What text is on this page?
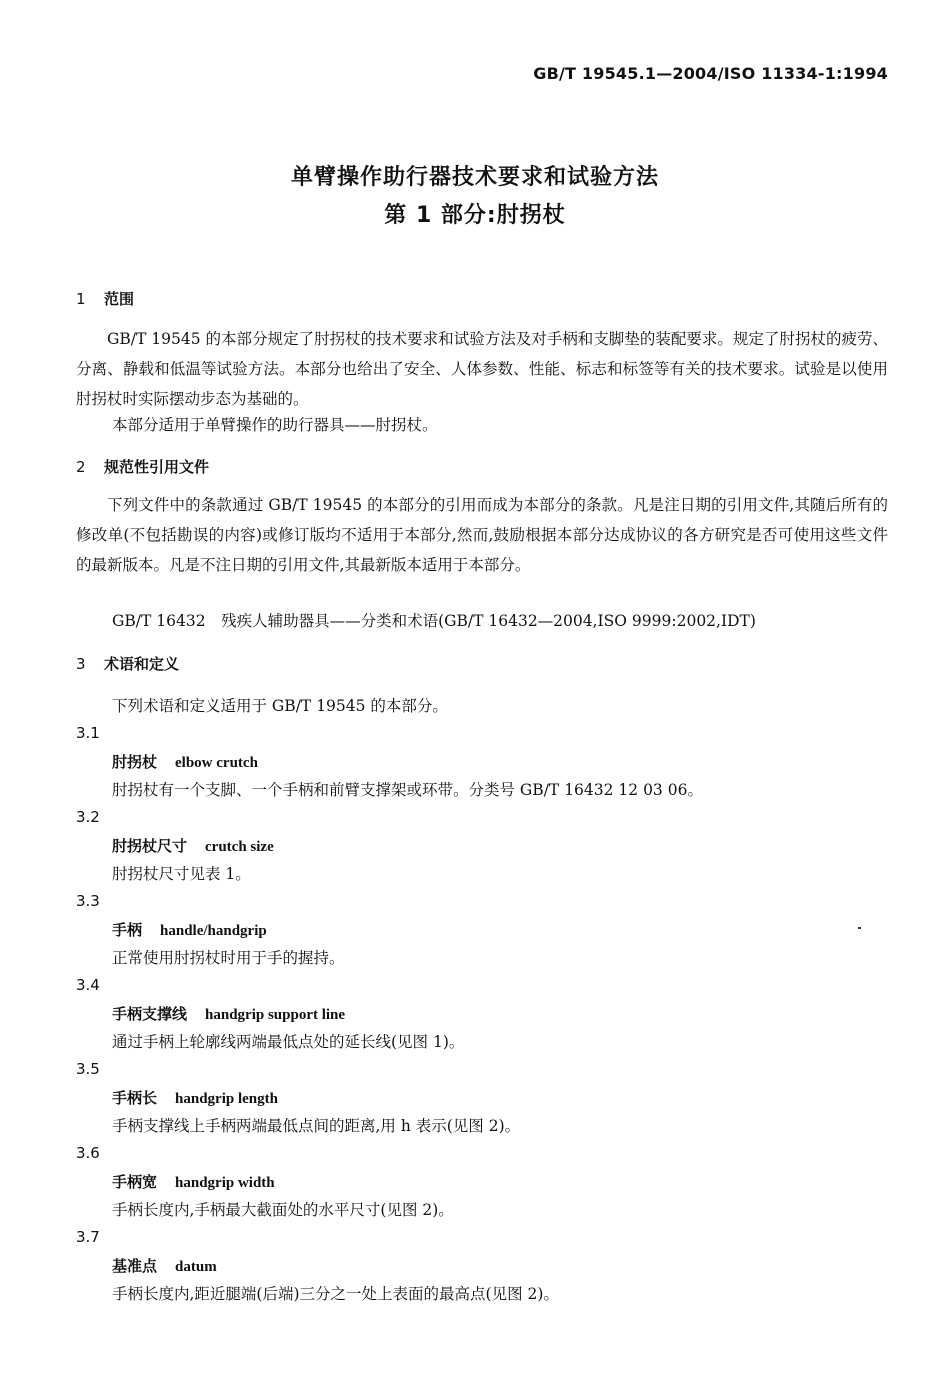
GB/T 19545.1—2004/ISO 11334-1:1994
单臂操作助行器技术要求和试验方法
第 1 部分:肘拐杖
1 范围

GB/T 19545 的本部分规定了肘拐杖的技术要求和试验方法及对手柄和支脚垫的装配要求。规定了肘拐杖的疲劳、分离、静载和低温等试验方法。本部分也给出了安全、人体参数、性能、标志和标签等有关的技术要求。试验是以使用肘拐杖时实际摆动步态为基础的。

本部分适用于单臂操作的助行器具——肘拐杖。
2 规范性引用文件

下列文件中的条款通过 GB/T 19545 的本部分的引用而成为本部分的条款。凡是注日期的引用文件,其随后所有的修改单(不包括勘误的内容)或修订版均不适用于本部分,然而,鼓励根据本部分达成协议的各方研究是否可使用这些文件的最新版本。凡是不注日期的引用文件,其最新版本适用于本部分。

GB/T 16432　残疾人辅助器具——分类和术语(GB/T 16432—2004,ISO 9999:2002,IDT)
3 术语和定义
下列术语和定义适用于 GB/T 19545 的本部分。
3.1
肘拐杖 elbow crutch
肘拐杖有一个支脚、一个手柄和前臂支撑架或环带。分类号 GB/T 16432 12 03 06。
3.2
肘拐杖尺寸 crutch size
肘拐杖尺寸见表 1。
3.3
手柄 handle/handgrip
正常使用肘拐杖时用于手的握持。
3.4
手柄支撑线 handgrip support line
通过手柄上轮廓线两端最低点处的延长线(见图 1)。
3.5
手柄长 handgrip length
手柄支撑线上手柄两端最低点间的距离,用 h 表示(见图 2)。
3.6
手柄宽 handgrip width
手柄长度内,手柄最大截面处的水平尺寸(见图 2)。
3.7
基准点 datum
手柄长度内,距近腿端(后端)三分之一处上表面的最高点(见图 2)。
